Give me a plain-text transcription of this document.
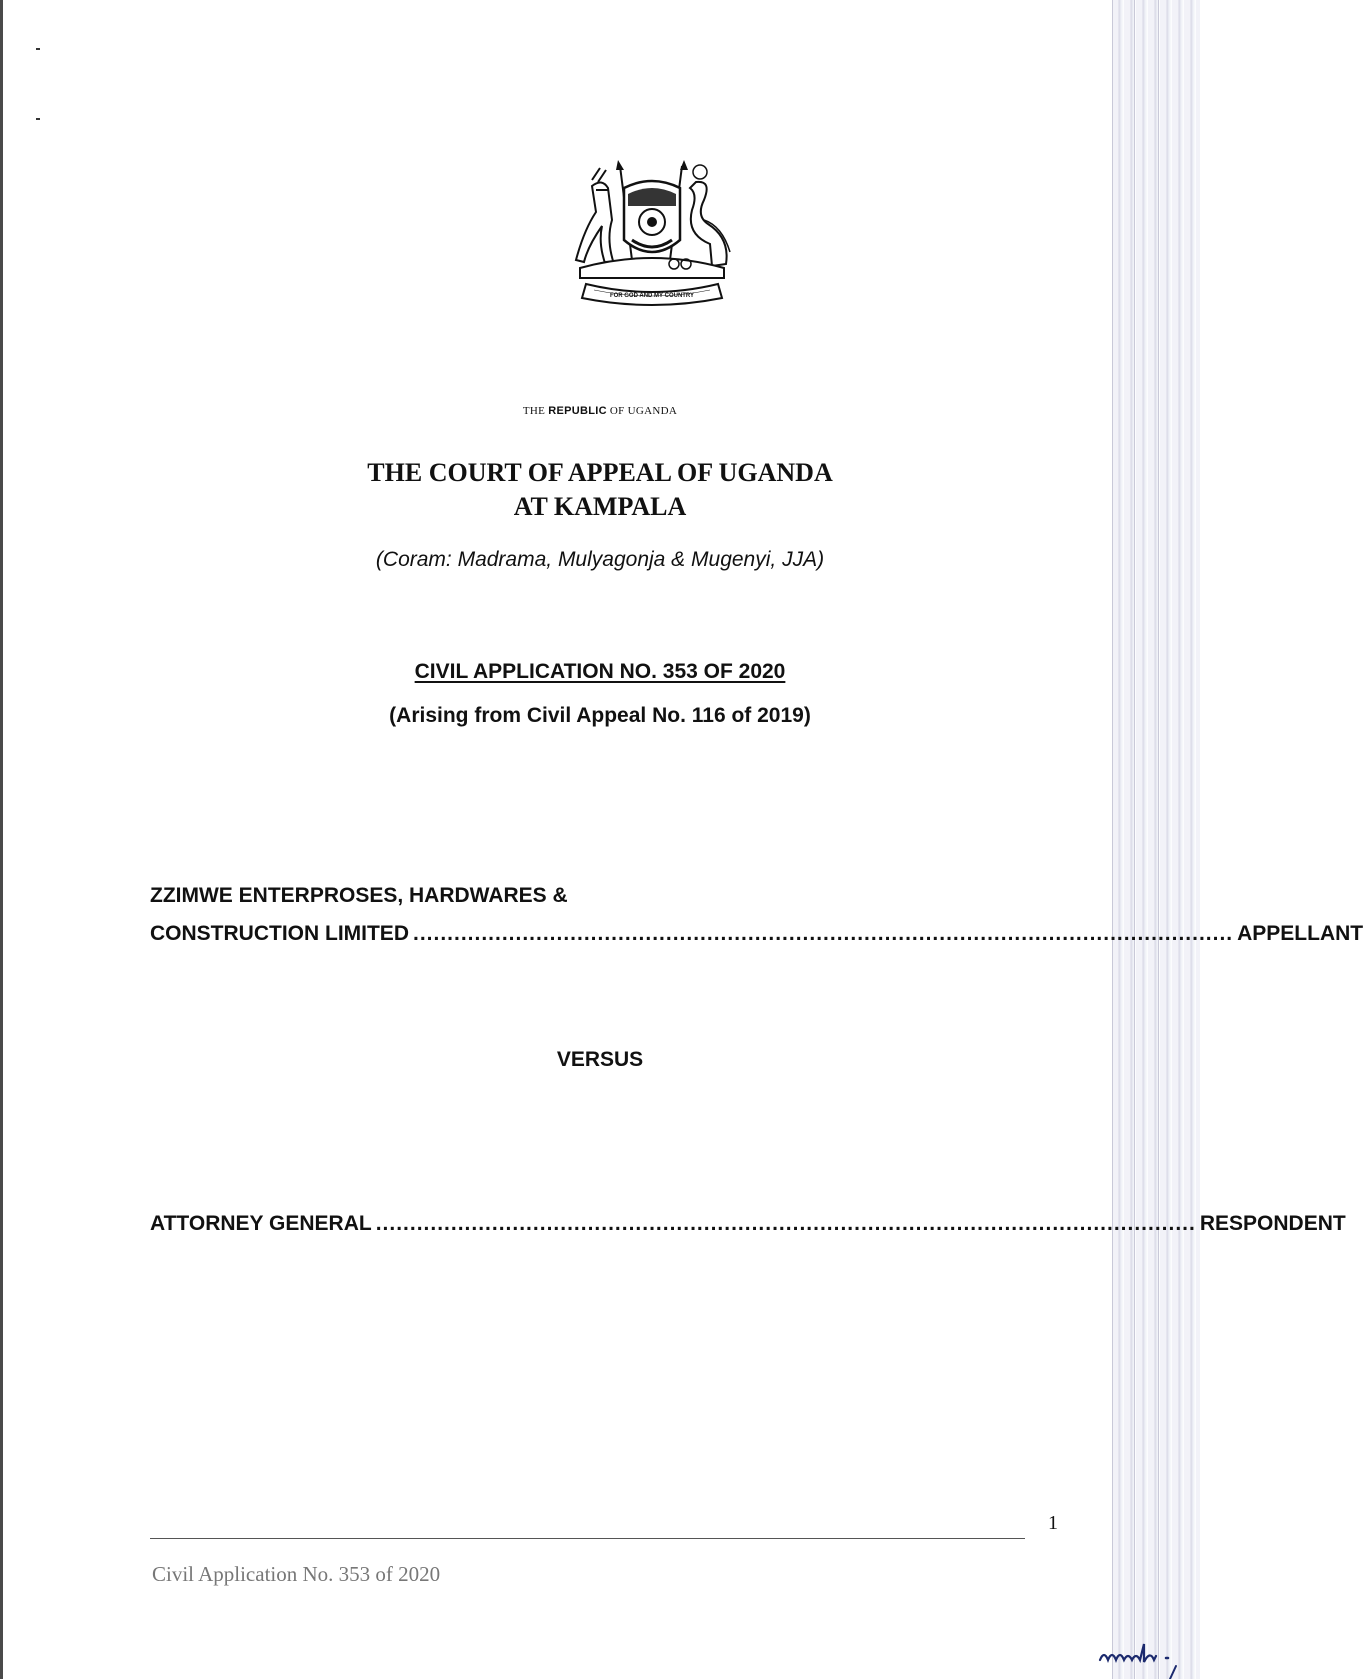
FOR GOD AND MY COUNTRY
THE REPUBLIC OF UGANDA
THE COURT OF APPEAL OF UGANDA
AT KAMPALA
(Coram: Madrama, Mulyagonja & Mugenyi, JJA)
CIVIL APPLICATION NO. 353 OF 2020
(Arising from Civil Appeal No. 116 of 2019)
ZZIMWE ENTERPROSES, HARDWARES &
CONSTRUCTION LIMITED ........................................................................................................................ APPELLANT
VERSUS
ATTORNEY GENERAL ........................................................................................................................ RESPONDENT
1
Civil Application No. 353 of 2020
